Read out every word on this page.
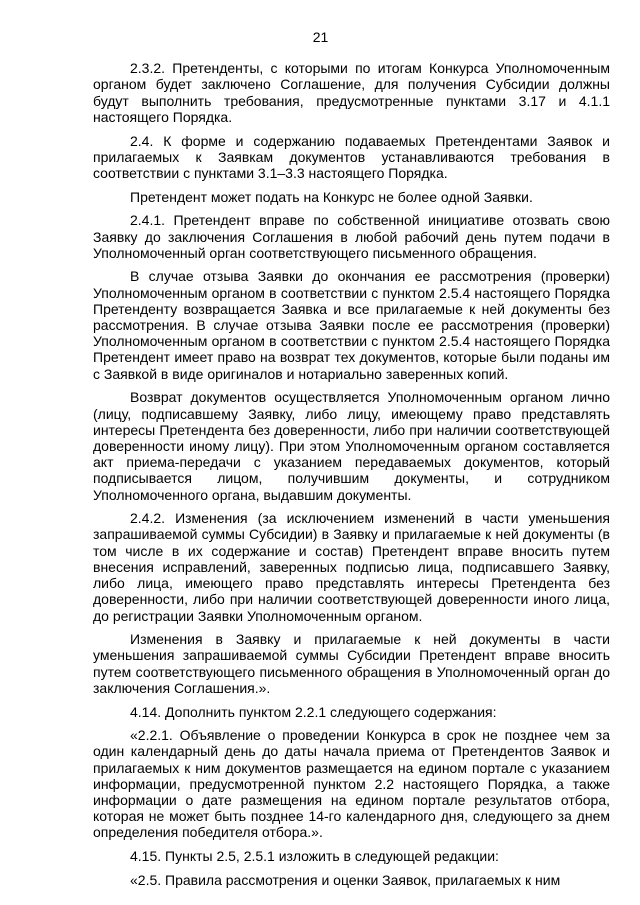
21

2.3.2. Претенденты, с которыми по итогам Конкурса Уполномоченным органом будет заключено Соглашение, для получения Субсидии должны будут выполнить требования, предусмотренные пунктами 3.17 и 4.1.1 настоящего Порядка.

2.4. К форме и содержанию подаваемых Претендентами Заявок и прилагаемых к Заявкам документов устанавливаются требования в соответствии с пунктами 3.1–3.3 настоящего Порядка.

Претендент может подать на Конкурс не более одной Заявки.

2.4.1. Претендент вправе по собственной инициативе отозвать свою Заявку до заключения Соглашения в любой рабочий день путем подачи в Уполномоченный орган соответствующего письменного обращения.

В случае отзыва Заявки до окончания ее рассмотрения (проверки) Уполномоченным органом в соответствии с пунктом 2.5.4 настоящего Порядка Претенденту возвращается Заявка и все прилагаемые к ней документы без рассмотрения. В случае отзыва Заявки после ее рассмотрения (проверки) Уполномоченным органом в соответствии с пунктом 2.5.4 настоящего Порядка Претендент имеет право на возврат тех документов, которые были поданы им с Заявкой в виде оригиналов и нотариально заверенных копий.

Возврат документов осуществляется Уполномоченным органом лично (лицу, подписавшему Заявку, либо лицу, имеющему право представлять интересы Претендента без доверенности, либо при наличии соответствующей доверенности иному лицу). При этом Уполномоченным органом составляется акт приема-передачи с указанием передаваемых документов, который подписывается лицом, получившим документы, и сотрудником Уполномоченного органа, выдавшим документы.

2.4.2. Изменения (за исключением изменений в части уменьшения запрашиваемой суммы Субсидии) в Заявку и прилагаемые к ней документы (в том числе в их содержание и состав) Претендент вправе вносить путем внесения исправлений, заверенных подписью лица, подписавшего Заявку, либо лица, имеющего право представлять интересы Претендента без доверенности, либо при наличии соответствующей доверенности иного лица, до регистрации Заявки Уполномоченным органом.

Изменения в Заявку и прилагаемые к ней документы в части уменьшения запрашиваемой суммы Субсидии Претендент вправе вносить путем соответствующего письменного обращения в Уполномоченный орган до заключения Соглашения.».

4.14. Дополнить пунктом 2.2.1 следующего содержания:

«2.2.1. Объявление о проведении Конкурса в срок не позднее чем за один календарный день до даты начала приема от Претендентов Заявок и прилагаемых к ним документов размещается на едином портале с указанием информации, предусмотренной пунктом 2.2 настоящего Порядка, а также информации о дате размещения на едином портале результатов отбора, которая не может быть позднее 14-го календарного дня, следующего за днем определения победителя отбора.».

4.15. Пункты 2.5, 2.5.1 изложить в следующей редакции:

«2.5. Правила рассмотрения и оценки Заявок, прилагаемых к ним
